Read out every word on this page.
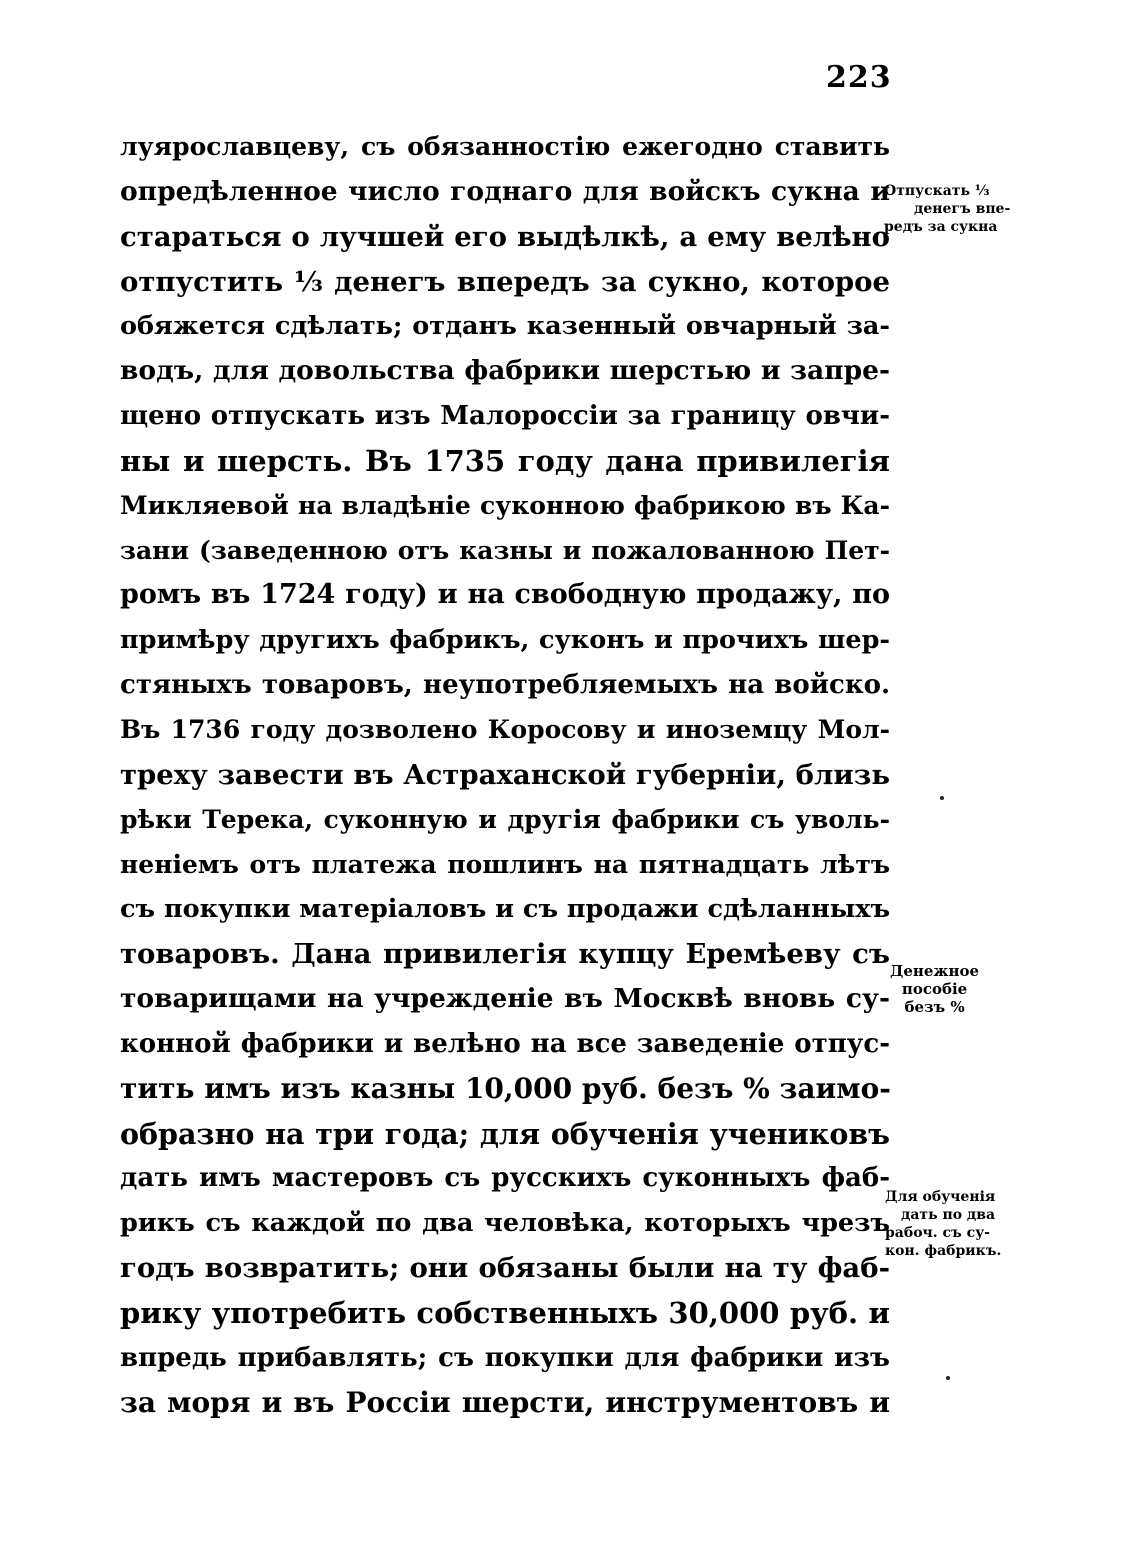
223
луярославцеву, съ обязанностію ежегодно ставить
опредѣленное число годнаго для войскъ сукна и
стараться о лучшей его выдѣлкѣ, а ему велѣно
отпустить ⅓ денегъ впередъ за сукно, которое
обяжется сдѣлать; отданъ казенный овчарный за-
водъ, для довольства фабрики шерстью и запре-
щено отпускать изъ Малороссіи за границу овчи-
ны и шерсть. Въ 1735 году дана привилегія
Микляевой на владѣніе суконною фабрикою въ Ка-
зани (заведенною отъ казны и пожалованною Пет-
ромъ въ 1724 году) и на свободную продажу, по
примѣру другихъ фабрикъ, суконъ и прочихъ шер-
стяныхъ товаровъ, неупотребляемыхъ на войско.
Въ 1736 году дозволено Коросову и иноземцу Мол-
треху завести въ Астраханской губерніи, близь
рѣки Терека, суконную и другія фабрики съ уволь-
неніемъ отъ платежа пошлинъ на пятнадцать лѣтъ
съ покупки матеріаловъ и съ продажи сдѣланныхъ
товаровъ. Дана привилегія купцу Еремѣеву съ
товарищами на учрежденіе въ Москвѣ вновь су-
конной фабрики и велѣно на все заведеніе отпус-
тить имъ изъ казны 10,000 руб. безъ % заимо-
образно на три года; для обученія учениковъ
дать имъ мастеровъ съ русскихъ суконныхъ фаб-
рикъ съ каждой по два человѣка, которыхъ чрезъ
годъ возвратить; они обязаны были на ту фаб-
рику употребить собственныхъ 30,000 руб. и
впредь прибавлять; съ покупки для фабрики изъ
за моря и въ Россіи шерсти, инструментовъ и
Отпускать ⅓
денегъ впе-
редъ за сукна
Денежное
пособіе
безъ %
Для обученія
дать по два
рабоч. съ су-
кон. фабрикъ.
